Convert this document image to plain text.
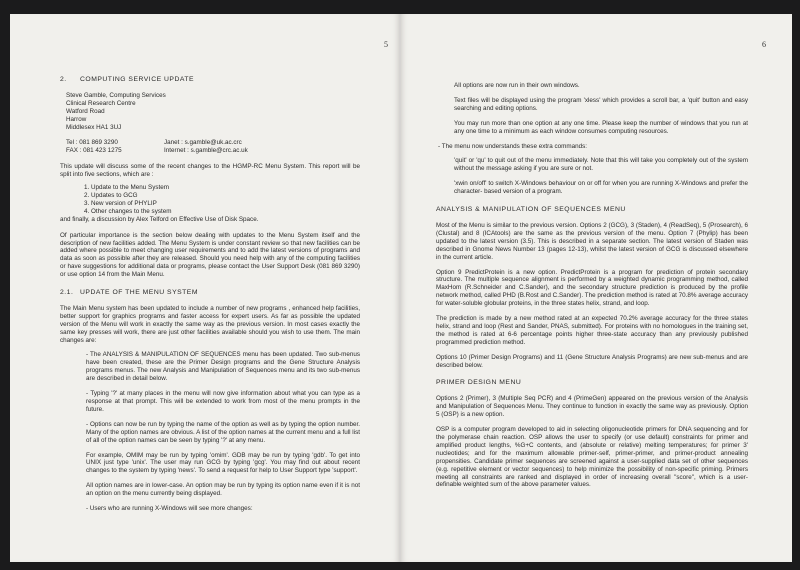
5
2. COMPUTING SERVICE UPDATE
Steve Gamble, Computing Services
Clinical Research Centre
Watford Road
Harrow
Middlesex HA1 3UJ
Tel : 081 869 3290	Janet : s.gamble@uk.ac.crc
FAX : 081 423 1275	Internet : s.gamble@crc.ac.uk

This update will discuss some of the recent changes to the HGMP-RC Menu System. This report will be split into five sections, which are :

1. Update to the Menu System
2. Updates to GCG
3. New version of PHYLIP
4. Other changes to the system

and finally, a discussion by Alex Telford on Effective Use of Disk Space.

Of particular importance is the section below dealing with updates to the Menu System itself and the description of new facilities added. The Menu System is under constant review so that new facilities can be added where possible to meet changing user requirements and to add the latest versions of programs and data as soon as possible after they are released. Should you need help with any of the computing facilities or have suggestions for additional data or programs, please contact the User Support Desk (081 869 3290) or use option 14 from the Main Menu.

2.1. UPDATE OF THE MENU SYSTEM

The Main Menu system has been updated to include a number of new programs , enhanced help facilities, better support for graphics programs and faster access for expert users. As far as possible the updated version of the Menu will work in exactly the same way as the previous version. In most cases exactly the same key presses will work, there are just other facilities available should you wish to use them. The main changes are:

- The ANALYSIS & MANIPULATION OF SEQUENCES menu has been updated. Two sub-menus have been created, these are the Primer Design programs and the Gene Structure Analysis programs menus. The new Analysis and Manipulation of Sequences menu and its two sub-menus are described in detail below.

- Typing '?' at many places in the menu will now give information about what you can type as a response at that prompt. This will be extended to work from most of the menu prompts in the future.

- Options can now be run by typing the name of the option as well as by typing the option number. Many of the option names are obvious. A list of the option names at the current menu and a full list of all of the option names can be seen by typing '?' at any menu.

For example, OMIM may be run by typing 'omim'. GDB may be run by typing 'gdb'. To get into UNIX just type 'unix'. The user may run GCG by typing 'gcg'. You may find out about recent changes to the system by typing 'news'. To send a request for help to User Support type 'support'.

All option names are in lower-case. An option may be run by typing its option name even if it is not an option on the menu currently being displayed.

- Users who are running X-Windows will see more changes:

6

All options are now run in their own windows.

Text files will be displayed using the program 'xless' which provides a scroll bar, a 'quit' button and easy searching and editing options.

You may run more than one option at any one time. Please keep the number of windows that you run at any one time to a minimum as each window consumes computing resources.

- The menu now understands these extra commands:

'quit' or 'qu' to quit out of the menu immediately. Note that this will take you completely out of the system without the message asking if you are sure or not.

'xwin on/off' to switch X-Windows behaviour on or off for when you are running X-Windows and prefer the character- based version of a program.

ANALYSIS & MANIPULATION OF SEQUENCES MENU

Most of the Menu is similar to the previous version. Options 2 (GCG), 3 (Staden), 4 (ReadSeq), 5 (Prosearch), 6 (Clustal) and 8 (ICAtools) are the same as the previous version of the menu. Option 7 (Phylip) has been updated to the latest version (3.5). This is described in a separate section. The latest version of Staden was described in Gnome News Number 13 (pages 12-13), whilst the latest version of GCG is discussed elsewhere in the current article.

Option 9 PredictProtein is a new option. PredictProtein is a program for prediction of protein secondary structure. The multiple sequence alignment is performed by a weighted dynamic programming method, called MaxHom (R.Schneider and C.Sander), and the secondary structure prediction is produced by the profile network method, called PHD (B.Rost and C.Sander). The prediction method is rated at 70.8% average accuracy for water-soluble globular proteins, in the three states helix, strand, and loop.

The prediction is made by a new method rated at an expected 70.2% average accuracy for the three states helix, strand and loop (Rest and Sander, PNAS, submitted). For proteins with no homologues in the training set, the method is rated at 6-6 percentage points higher three-state accuracy than any previously published programmed prediction method.

Options 10 (Primer Design Programs) and 11 (Gene Structure Analysis Programs) are new sub-menus and are described below.

PRIMER DESIGN MENU

Options 2 (Primer), 3 (Multiple Seq PCR) and 4 (PrimeGen) appeared on the previous version of the Analysis and Manipulation of Sequences Menu. They continue to function in exactly the same way as previously. Option 5 (OSP) is a new option.

OSP is a computer program developed to aid in selecting oligonucleotide primers for DNA sequencing and for the polymerase chain reaction. OSP allows the user to specify (or use default) constraints for primer and amplified product lengths, %G+C contents, and (absolute or relative) melting temperatures; for primer 3' nucleotides; and for the maximum allowable primer-self, primer-primer, and primer-product annealing propensities. Candidate primer sequences are screened against a user-supplied data set of other sequences (e.g. repetitive element or vector sequences) to help minimize the possibility of non-specific priming. Primers meeting all constraints are ranked and displayed in order of increasing overall "score", which is a user- definable weighted sum of the above parameter values.
